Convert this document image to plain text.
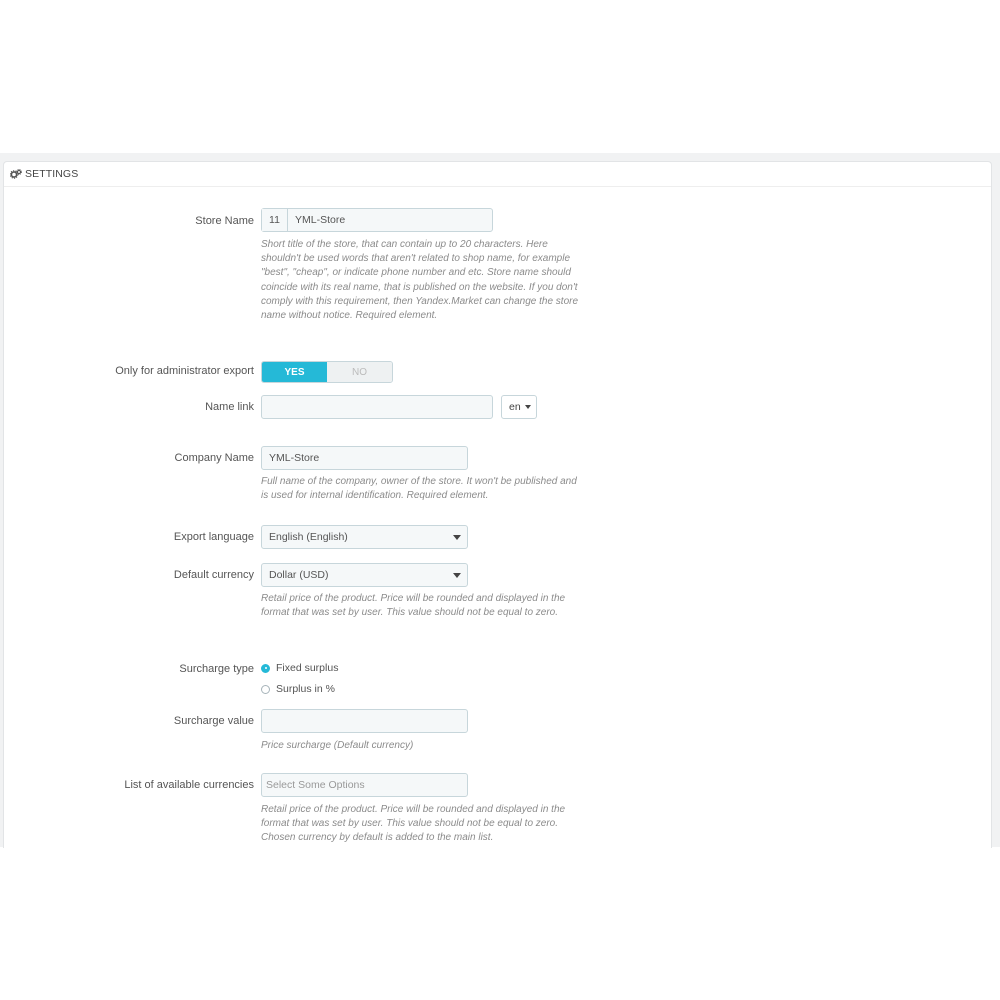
SETTINGS
Store Name	11	YML-Store
Short title of the store, that can contain up to 20 characters. Here shouldn't be used words that aren't related to shop name, for example "best", "cheap", or indicate phone number and etc. Store name should coincide with its real name, that is published on the website. If you don't comply with this requirement, then Yandex.Market can change the store name without notice. Required element.
Only for administrator export	YES	NO
Name link	en
Company Name	YML-Store
Full name of the company, owner of the store. It won't be published and is used for internal identification. Required element.
Export language	English (English)
Default currency	Dollar (USD)
Retail price of the product. Price will be rounded and displayed in the format that was set by user. This value should not be equal to zero.
Surcharge type Fixed surplus
Surplus in %
Surcharge value
Price surcharge (Default currency)
List of available currencies	Select Some Options
Retail price of the product. Price will be rounded and displayed in the format that was set by user. This value should not be equal to zero. Chosen currency by default is added to the main list.
